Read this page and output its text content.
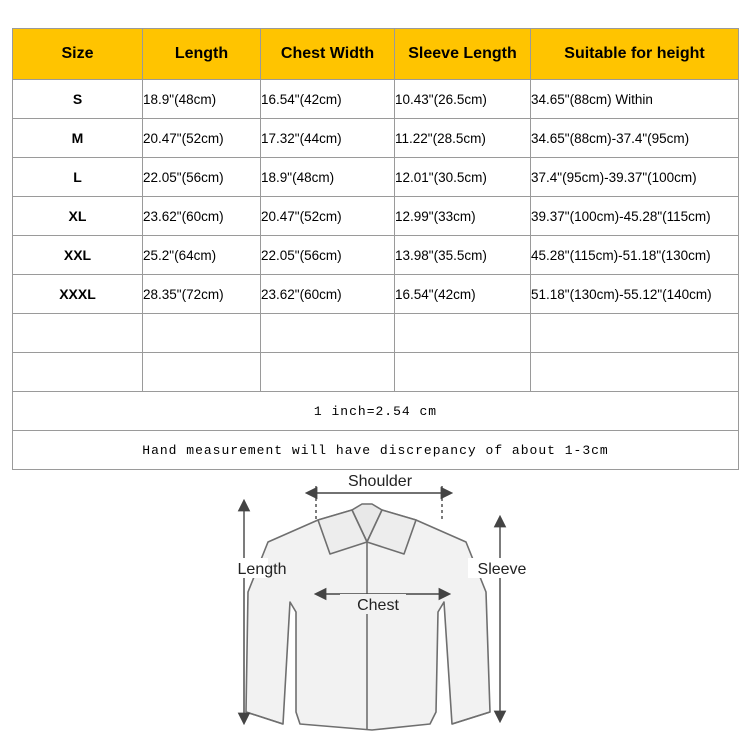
Size	Length	Chest Width	Sleeve Length	Suitable for height
S	18.9"(48cm)	16.54"(42cm)	10.43"(26.5cm)	34.65"(88cm) Within
M	20.47"(52cm)	17.32"(44cm)	11.22"(28.5cm)	34.65"(88cm)-37.4"(95cm)
L	22.05"(56cm)	18.9"(48cm)	12.01"(30.5cm)	37.4"(95cm)-39.37"(100cm)
XL	23.62"(60cm)	20.47"(52cm)	12.99"(33cm)	39.37"(100cm)-45.28"(115cm)
XXL	25.2"(64cm)	22.05"(56cm)	13.98"(35.5cm)	45.28"(115cm)-51.18"(130cm)
XXXL	28.35"(72cm)	23.62"(60cm)	16.54"(42cm)	51.18"(130cm)-55.12"(140cm)

1 inch=2.54 cm				
Hand measurement will have discrepancy of about 1-3cm				
Shoulder
Length	Sleeve
Chest
